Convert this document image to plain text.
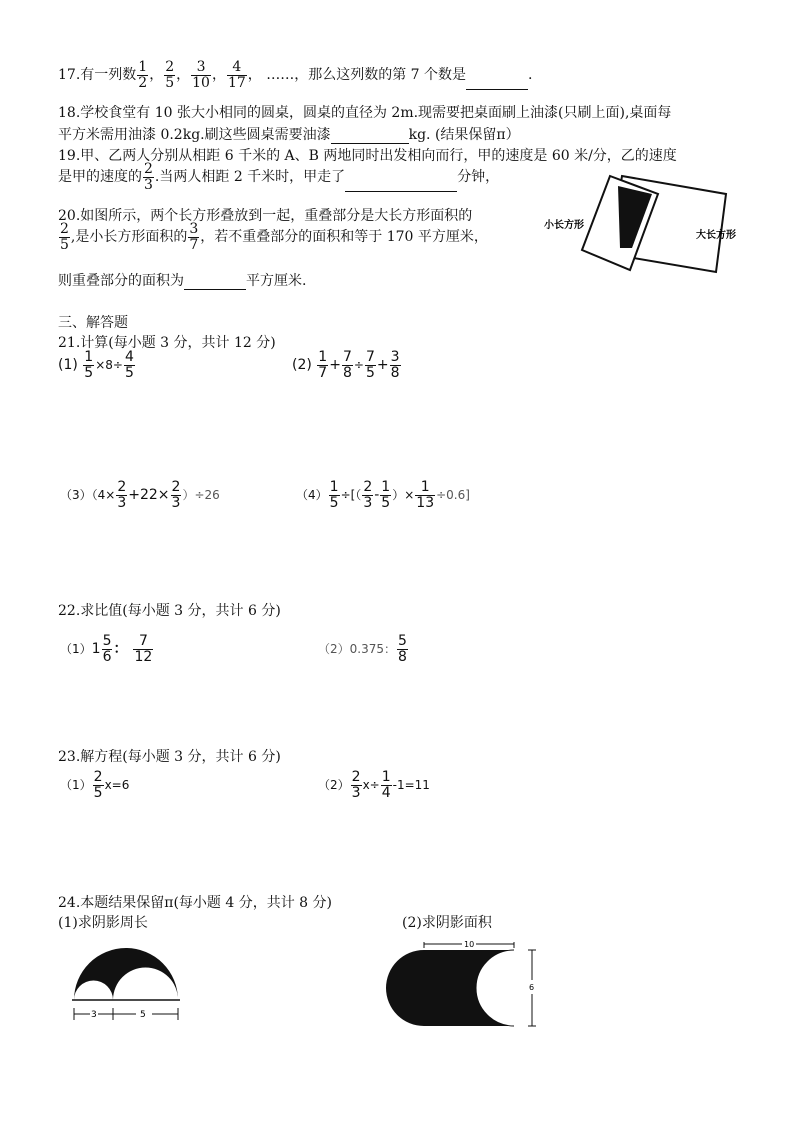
17.有一列数 $\frac{1}{2}$ ， $\frac{2}{5}$ ， $\frac{3}{10}$ ， $\frac{4}{17}$ ， ……，那么这列数的第 7 个数是	.
18.学校食堂有 10 张大小相同的圆桌，圆桌的直径为 2m.现需要把桌面刷上油漆(只刷上面),桌面每
平方米需用油漆 0.2kg.刷这些圆桌需要油漆	kg. (结果保留π）
19.甲、乙两人分别从相距 6 千米的 A、B 两地同时出发相向而行，甲的速度是 60 米/分，乙的速度
是甲的速度的 $\frac{2}{3}$ .当两人相距 2 千米时，甲走了	分钟，
20.如图所示，两个长方形叠放到一起，重叠部分是大长方形面积的
$\frac{2}{5}$ ,是小长方形面积的 $\frac{3}{7}$ ，若不重叠部分的面积和等于 170 平方厘米，
则重叠部分的面积为	平方厘米.
小长方形
大长方形
三、解答题
21.计算(每小题 3 分，共计 12 分)
$(1) \frac{1}{5} \times 8\div \frac{4}{5}$	$(2) \frac{1}{7} + \frac{7}{8} \div \frac{7}{5} + \frac{3}{8}$
$(3)(4\times \frac{2}{3} +22\times \frac{2}{3} )\div 26$	$(4) \frac{1}{5}$ ÷[（ $\frac{2}{3} - \frac{1}{5}$ ）× $\frac{1}{13} \div 0.6$]
22.求比值(每小题 3 分，共计 6 分)
$(1)1 \frac{5}{6}$ ： $\frac{7}{12}$	（2）0.375： $\frac{5}{8}$
23.解方程(每小题 3 分，共计 6 分)
$(1) \frac{2}{5} x=6$	$(2) \frac{2}{3} x\div \frac{1}{4} -1=11$
24.本题结果保留π(每小题 4 分，共计 8 分)
(1)求阴影周长	(2)求阴影面积
3	5
10
6
